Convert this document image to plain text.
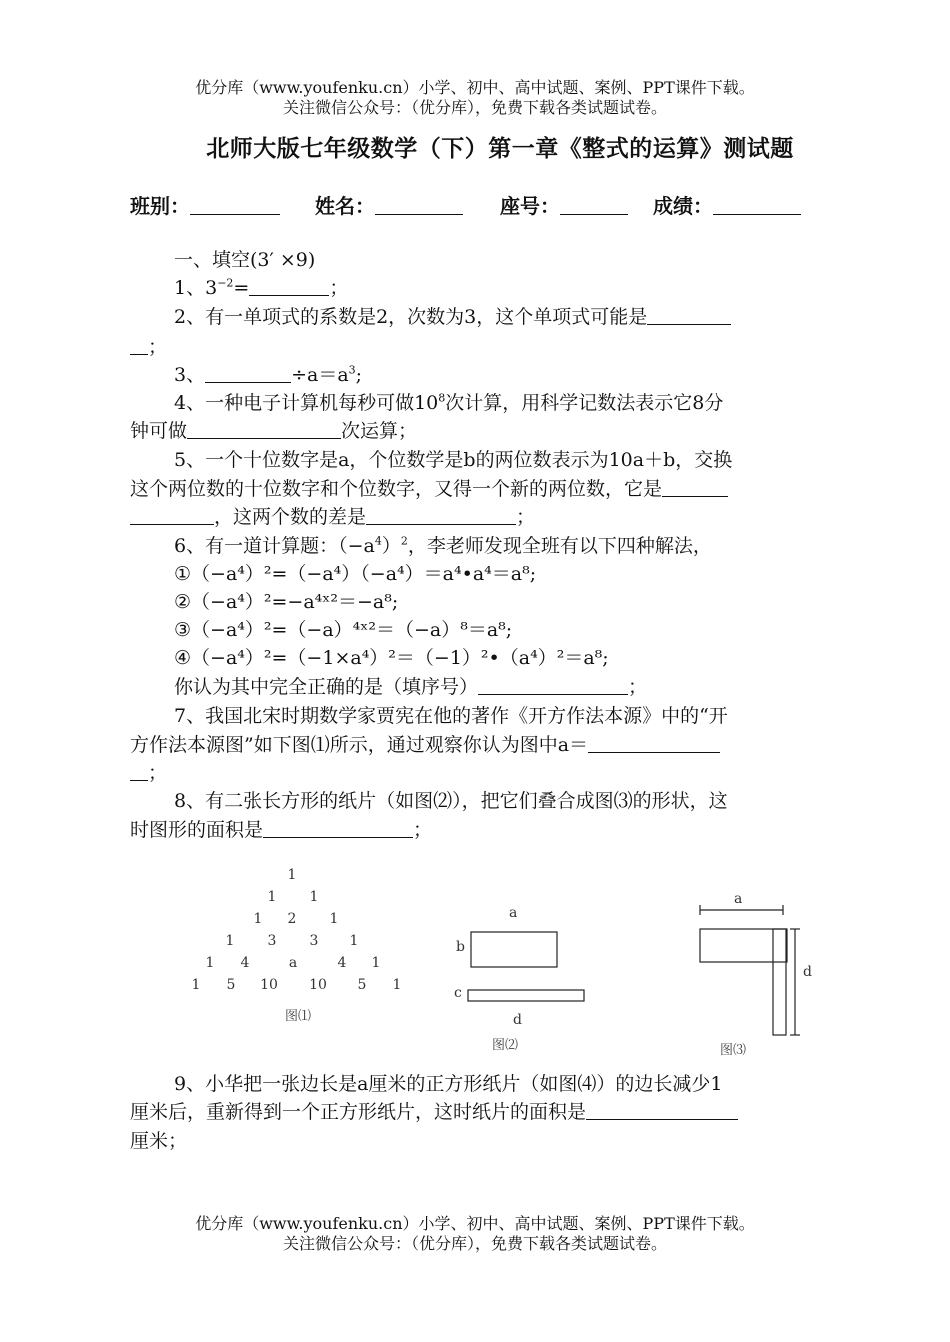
优分库（www.youfenku.cn）小学、初中、高中试题、案例、PPT课件下载。
关注微信公众号：（优分库），免费下载各类试题试卷。
北师大版七年级数学（下）第一章《整式的运算》测试题
班别：	姓名：	座号：	成绩：
一、填空(3′ ×9)
1、$3^{-2}=$	；
2、有一单项式的系数是2，次数为3，这个单项式可能是
；
3、	$\div a=a^3$;
4、一种电子计算机每秒可做$10^8$次计算，用科学记数法表示它8分
钟可做	次运算；
5、一个十位数字是a，个位数学是b的两位数表示为10a＋b，交换
这个两位数的十位数字和个位数字，又得一个新的两位数，它是
，这两个数的差是	；
6、有一道计算题：$(-a^4)^2$，李老师发现全班有以下四种解法，
①（−a⁴）²=（−a⁴）（−a⁴）＝a⁴•a⁴＝a⁸;
②（−a⁴）²=−a⁴ˣ²＝−a⁸;
③（−a⁴）²=（−a）⁴ˣ²＝（−a）⁸＝a⁸;
④（−a⁴）²=（−1×a⁴）²＝（−1）²•（a⁴）²＝a⁸;
你认为其中完全正确的是（填序号）	；
7、我国北宋时期数学家贾宪在他的著作《开方作法本源》中的“开
方作法本源图”如下图⑴所示，通过观察你认为图中a＝
；
8、有二张长方形的纸片（如图⑵），把它们叠合成图⑶的形状，这
时图形的面积是	；
1
1 1
1 2 1
1 3 3 1
1 4	a	4 1
1 5 10 10 5 1
图⑴
a
b
c
d
图⑵
a
d
图⑶
9、小华把一张边长是a厘米的正方形纸片（如图⑷）的边长减少1
厘米后，重新得到一个正方形纸片，这时纸片的面积是
厘米；
优分库（www.youfenku.cn）小学、初中、高中试题、案例、PPT课件下载。
关注微信公众号：（优分库），免费下载各类试题试卷。
